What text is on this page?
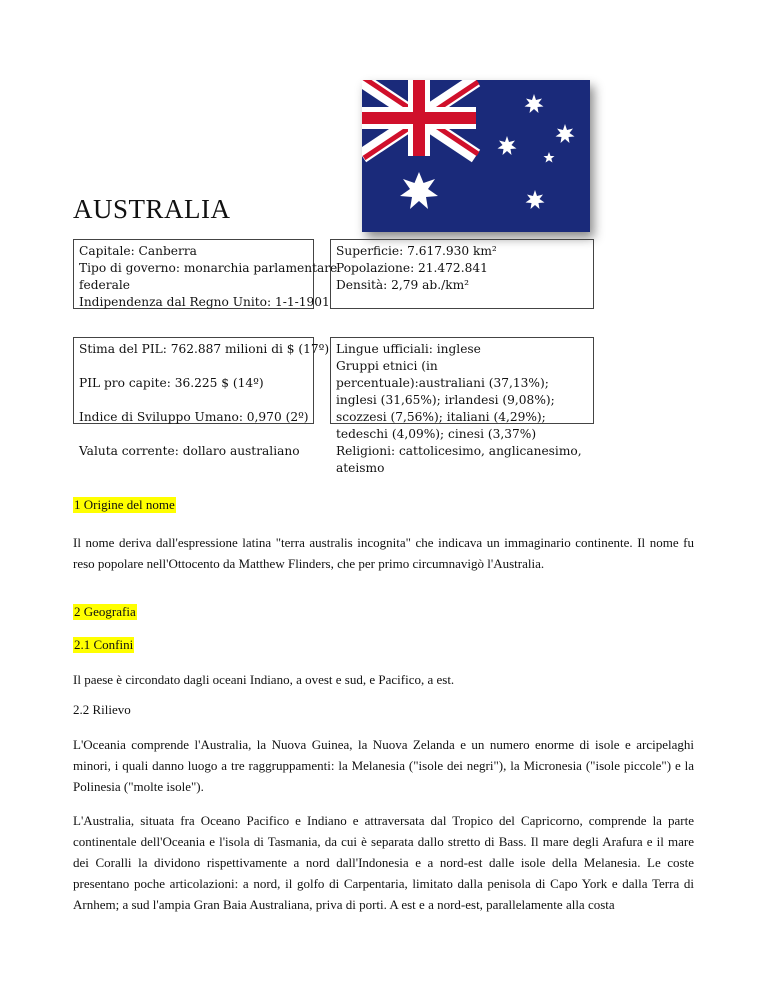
AUSTRALIA
Capitale: Canberra
Tipo di governo: monarchia parlamentare
federale
Indipendenza dal Regno Unito: 1-1-1901
Superficie: 7.617.930 km²
Popolazione: 21.472.841
Densità: 2,79 ab./km²
Stima del PIL: 762.887 milioni di $ (17º)
PIL pro capite: 36.225 $ (14º)
Indice di Sviluppo Umano: 0,970 (2º)
Valuta corrente: dollaro australiano
Lingue ufficiali: inglese
Gruppi etnici (in percentuale):australiani (37,13%); inglesi (31,65%); irlandesi (9,08%); scozzesi (7,56%); italiani (4,29%); tedeschi (4,09%); cinesi (3,37%)
Religioni: cattolicesimo, anglicanesimo, ateismo
1 Origine del nome
Il nome deriva dall'espressione latina "terra australis incognita" che indicava un immaginario continente. Il nome fu reso popolare nell'Ottocento da Matthew Flinders, che per primo circumnavigò l'Australia.
2 Geografia
2.1 Confini
Il paese è circondato dagli oceani Indiano, a ovest e sud, e Pacifico, a est.
2.2 Rilievo
L'Oceania comprende l'Australia, la Nuova Guinea, la Nuova Zelanda e un numero enorme di isole e arcipelaghi minori, i quali danno luogo a tre raggruppamenti: la Melanesia ("isole dei negri"), la Micronesia ("isole piccole") e la Polinesia ("molte isole").
L'Australia, situata fra Oceano Pacifico e Indiano e attraversata dal Tropico del Capricorno, comprende la parte continentale dell'Oceania e l'isola di Tasmania, da cui è separata dallo stretto di Bass. Il mare degli Arafura e il mare dei Coralli la dividono rispettivamente a nord dall'Indonesia e a nord-est dalle isole della Melanesia. Le coste presentano poche articolazioni: a nord, il golfo di Carpentaria, limitato dalla penisola di Capo York e dalla Terra di Arnhem; a sud l'ampia Gran Baia Australiana, priva di porti. A est e a nord-est, parallelamente alla costa
